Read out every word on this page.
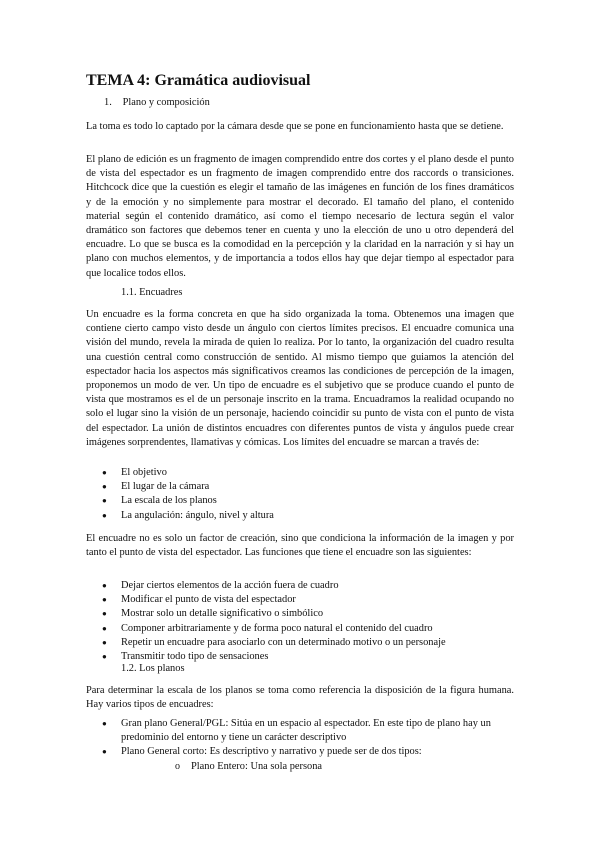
TEMA 4: Gramática audiovisual

1. Plano y composición

La toma es todo lo captado por la cámara desde que se pone en funcionamiento hasta que se detiene.

El plano de edición es un fragmento de imagen comprendido entre dos cortes y el plano desde el punto de vista del espectador es un fragmento de imagen comprendido entre dos raccords o transiciones. Hitchcock dice que la cuestión es elegir el tamaño de las imágenes en función de los fines dramáticos y de la emoción y no simplemente para mostrar el decorado. El tamaño del plano, el contenido material según el contenido dramático, así como el tiempo necesario de lectura según el valor dramático son factores que debemos tener en cuenta y uno la elección de uno u otro dependerá del encuadre. Lo que se busca es la comodidad en la percepción y la claridad en la narración y si hay un plano con muchos elementos, y de importancia a todos ellos hay que dejar tiempo al espectador para que localice todos ellos.

1.1. Encuadres

Un encuadre es la forma concreta en que ha sido organizada la toma. Obtenemos una imagen que contiene cierto campo visto desde un ángulo con ciertos límites precisos. El encuadre comunica una visión del mundo, revela la mirada de quien lo realiza. Por lo tanto, la organización del cuadro resulta una cuestión central como construcción de sentido. Al mismo tiempo que guiamos la atención del espectador hacia los aspectos más significativos creamos las condiciones de percepción de la imagen, proponemos un modo de ver. Un tipo de encuadre es el subjetivo que se produce cuando el punto de vista que mostramos es el de un personaje inscrito en la trama. Encuadramos la realidad ocupando no solo el lugar sino la visión de un personaje, haciendo coincidir su punto de vista con el punto de vista del espectador. La unión de distintos encuadres con diferentes puntos de vista y ángulos puede crear imágenes sorprendentes, llamativas y cómicas. Los límites del encuadre se marcan a través de:

● El objetivo
● El lugar de la cámara
● La escala de los planos
● La angulación: ángulo, nivel y altura

El encuadre no es solo un factor de creación, sino que condiciona la información de la imagen y por tanto el punto de vista del espectador. Las funciones que tiene el encuadre son las siguientes:

● Dejar ciertos elementos de la acción fuera de cuadro
● Modificar el punto de vista del espectador
● Mostrar solo un detalle significativo o simbólico
● Componer arbitrariamente y de forma poco natural el contenido del cuadro
● Repetir un encuadre para asociarlo con un determinado motivo o un personaje
● Transmitir todo tipo de sensaciones

1.2. Los planos

Para determinar la escala de los planos se toma como referencia la disposición de la figura humana. Hay varios tipos de encuadres:

● Gran plano General/PGL: Sitúa en un espacio al espectador. En este tipo de plano hay un predominio del entorno y tiene un carácter descriptivo
● Plano General corto: Es descriptivo y narrativo y puede ser de dos tipos:
o Plano Entero: Una sola persona
